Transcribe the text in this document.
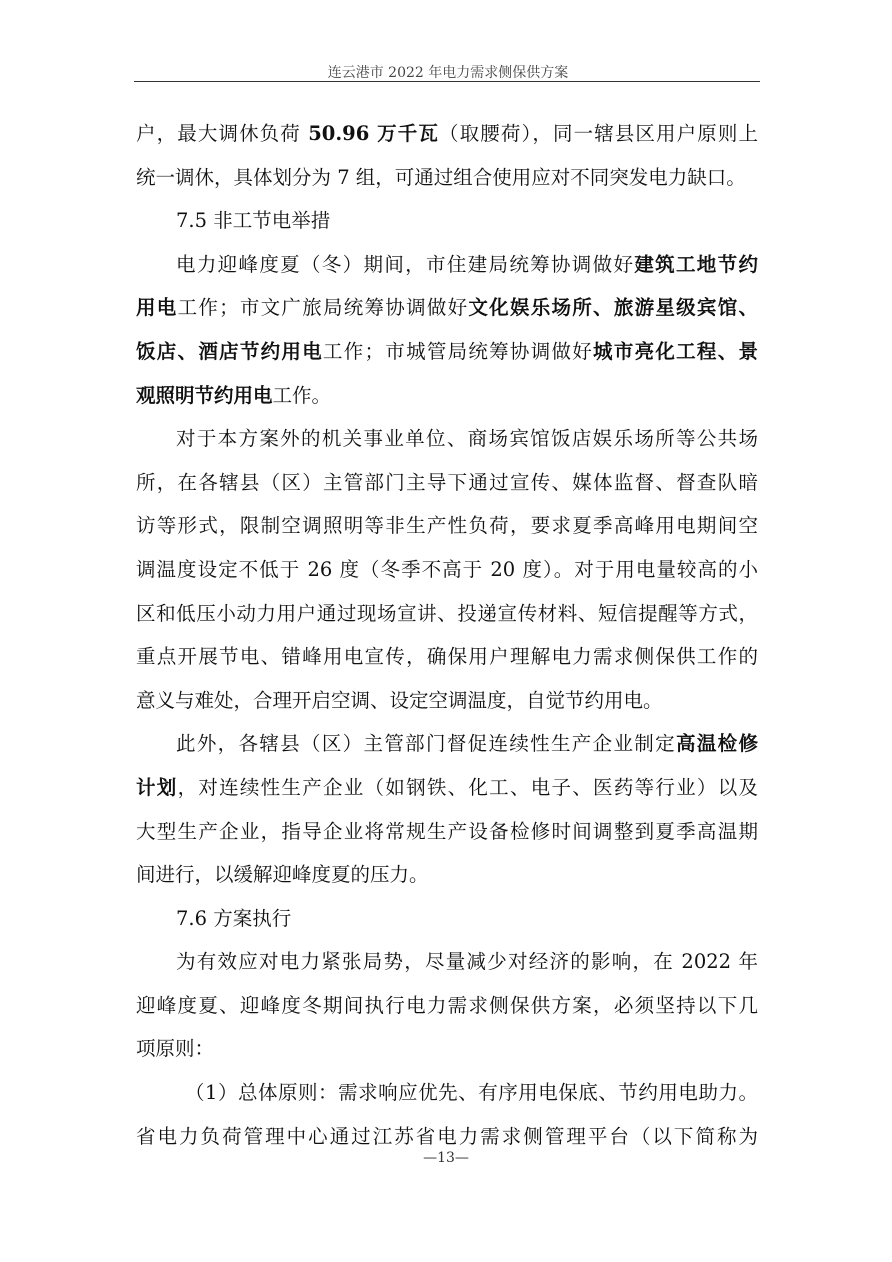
连云港市 2022 年电力需求侧保供方案
户，最大调休负荷 50.96 万千瓦（取腰荷），同一辖县区用户原则上
统一调休，具体划分为 7 组，可通过组合使用应对不同突发电力缺口。
7.5 非工节电举措
电力迎峰度夏（冬）期间，市住建局统筹协调做好建筑工地节约
用电工作；市文广旅局统筹协调做好文化娱乐场所、旅游星级宾馆、
饭店、酒店节约用电工作；市城管局统筹协调做好城市亮化工程、景
观照明节约用电工作。
对于本方案外的机关事业单位、商场宾馆饭店娱乐场所等公共场
所，在各辖县（区）主管部门主导下通过宣传、媒体监督、督查队暗
访等形式，限制空调照明等非生产性负荷，要求夏季高峰用电期间空
调温度设定不低于 26 度（冬季不高于 20 度）。对于用电量较高的小
区和低压小动力用户通过现场宣讲、投递宣传材料、短信提醒等方式，
重点开展节电、错峰用电宣传，确保用户理解电力需求侧保供工作的
意义与难处，合理开启空调、设定空调温度，自觉节约用电。
此外，各辖县（区）主管部门督促连续性生产企业制定高温检修
计划，对连续性生产企业（如钢铁、化工、电子、医药等行业）以及
大型生产企业，指导企业将常规生产设备检修时间调整到夏季高温期
间进行，以缓解迎峰度夏的压力。
7.6 方案执行
为有效应对电力紧张局势，尽量减少对经济的影响，在 2022 年
迎峰度夏、迎峰度冬期间执行电力需求侧保供方案，必须坚持以下几
项原则：
（1）总体原则：需求响应优先、有序用电保底、节约用电助力。
省电力负荷管理中心通过江苏省电力需求侧管理平台（以下简称为
—13—
